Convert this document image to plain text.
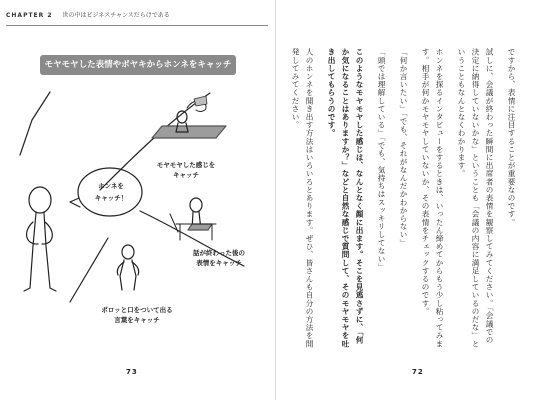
CHAPTER 2 世の中はビジネスチャンスだらけである
モヤモヤした表情やボヤキからホンネをキャッチ
ホンネを
キャッチ！
モヤモヤした感じを
キャッチ
話が終わった後の
表情をキャッチ
ポロッと口をついて出る
言葉をキャッチ
73

ですから、表情に注目することが重要なのです。

試しに、会議が終わった瞬間に出席者の表情を観察してみてください。「会議での決定に納得していないかな」ということも「会議の内容に満足しているのだな」ということもなんとなくわかります。

ホンネを探るインタビューをするときは、いったん締めてからもう少し粘ってみます。相手が何かモヤモヤしていないか、その表情をチェックするのです。

「何か言いたい」「でも、それがなんだかわからない」

「頭では理解している」「でも、気持ちはスッキリしてない」

このようなモヤモヤした感じは、なんとなく顔に出ます。そこを見逃さずに、「何か気になることはありますか？」などと自然な感じで質問して、そのモヤモヤを吐き出してもらうのです。

人のホンネを聞き出す方法はいろいろとあります。ぜひ、皆さんも自分の方法を開発してみてください。

72
